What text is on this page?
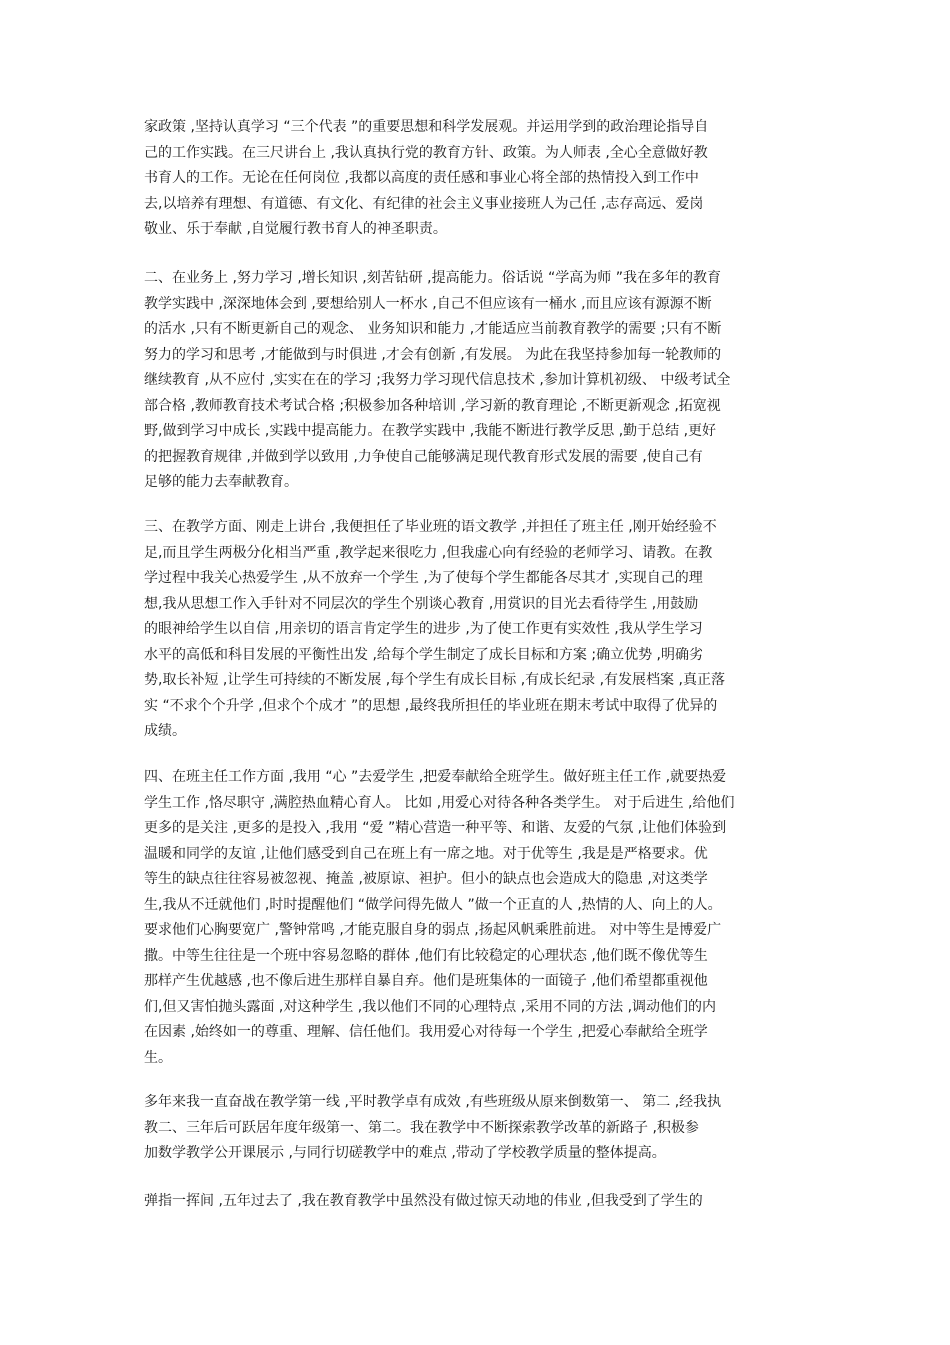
家政策 ,坚持认真学习 “三个代表 ”的重要思想和科学发展观。并运用学到的政治理论指导自
己的工作实践。在三尺讲台上 ,我认真执行党的教育方针、政策。为人师表 ,全心全意做好教
书育人的工作。无论在任何岗位 ,我都以高度的责任感和事业心将全部的热情投入到工作中
去,以培养有理想、有道德、有文化、有纪律的社会主义事业接班人为己任 ,志存高远、爱岗
敬业、乐于奉献 ,自觉履行教书育人的神圣职责。
二、在业务上 ,努力学习 ,增长知识 ,刻苦钻研 ,提高能力。俗话说 “学高为师 ”我在多年的教育
教学实践中 ,深深地体会到 ,要想给别人一杯水 ,自己不但应该有一桶水 ,而且应该有源源不断
的活水 ,只有不断更新自己的观念、 业务知识和能力 ,才能适应当前教育教学的需要 ;只有不断
努力的学习和思考 ,才能做到与时俱进 ,才会有创新 ,有发展。 为此在我坚持参加每一轮教师的
继续教育 ,从不应付 ,实实在在的学习 ;我努力学习现代信息技术 ,参加计算机初级、 中级考试全
部合格 ,教师教育技术考试合格 ;积极参加各种培训 ,学习新的教育理论 ,不断更新观念 ,拓宽视
野,做到学习中成长 ,实践中提高能力。在教学实践中 ,我能不断进行教学反思 ,勤于总结 ,更好
的把握教育规律 ,并做到学以致用 ,力争使自己能够满足现代教育形式发展的需要 ,使自己有
足够的能力去奉献教育。
三、在教学方面、刚走上讲台 ,我便担任了毕业班的语文教学 ,并担任了班主任 ,刚开始经验不
足,而且学生两极分化相当严重 ,教学起来很吃力 ,但我虚心向有经验的老师学习、请教。在教
学过程中我关心热爱学生 ,从不放弃一个学生 ,为了使每个学生都能各尽其才 ,实现自己的理
想,我从思想工作入手针对不同层次的学生个别谈心教育 ,用赏识的目光去看待学生 ,用鼓励
的眼神给学生以自信 ,用亲切的语言肯定学生的进步 ,为了使工作更有实效性 ,我从学生学习
水平的高低和科目发展的平衡性出发 ,给每个学生制定了成长目标和方案 ;确立优势 ,明确劣
势,取长补短 ,让学生可持续的不断发展 ,每个学生有成长目标 ,有成长纪录 ,有发展档案 ,真正落
实 “不求个个升学 ,但求个个成才 ”的思想 ,最终我所担任的毕业班在期末考试中取得了优异的
成绩。
四、在班主任工作方面 ,我用 “心 ”去爱学生 ,把爱奉献给全班学生。做好班主任工作 ,就要热爱
学生工作 ,恪尽职守 ,满腔热血精心育人。 比如 ,用爱心对待各种各类学生。 对于后进生 ,给他们
更多的是关注 ,更多的是投入 ,我用 “爱 ”精心营造一种平等、和谐、友爱的气氛 ,让他们体验到
温暖和同学的友谊 ,让他们感受到自己在班上有一席之地。对于优等生 ,我是是严格要求。优
等生的缺点往往容易被忽视、掩盖 ,被原谅、袒护。但小的缺点也会造成大的隐患 ,对这类学
生,我从不迁就他们 ,时时提醒他们 “做学问得先做人 ”做一个正直的人 ,热情的人、向上的人。
要求他们心胸要宽广 ,警钟常鸣 ,才能克服自身的弱点 ,扬起风帆乘胜前进。 对中等生是博爱广
撒。中等生往往是一个班中容易忽略的群体 ,他们有比较稳定的心理状态 ,他们既不像优等生
那样产生优越感 ,也不像后进生那样自暴自弃。他们是班集体的一面镜子 ,他们希望都重视他
们,但又害怕抛头露面 ,对这种学生 ,我以他们不同的心理特点 ,采用不同的方法 ,调动他们的内
在因素 ,始终如一的尊重、理解、信任他们。我用爱心对待每一个学生 ,把爱心奉献给全班学
生。
多年来我一直奋战在教学第一线 ,平时教学卓有成效 ,有些班级从原来倒数第一、 第二 ,经我执
教二、三年后可跃居年度年级第一、第二。我在教学中不断探索教学改革的新路子 ,积极参
加数学教学公开课展示 ,与同行切磋教学中的难点 ,带动了学校教学质量的整体提高。
弹指一挥间 ,五年过去了 ,我在教育教学中虽然没有做过惊天动地的伟业 ,但我受到了学生的
